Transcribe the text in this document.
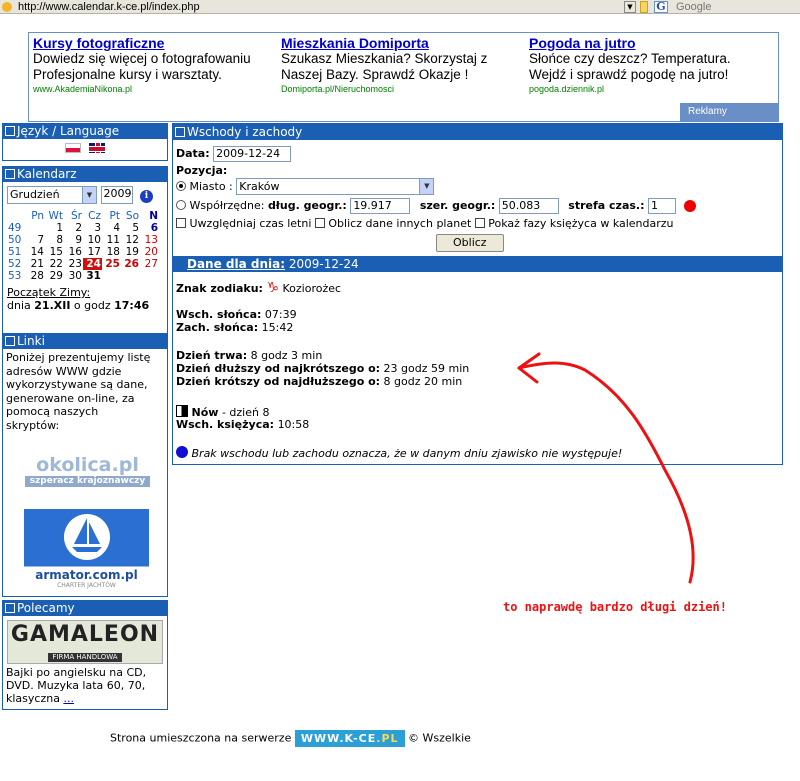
http://www.calendar.k-ce.pl/index.php	▼	G Google
Kursy fotograficzne
Dowiedz się więcej o fotografowaniu
Profesjonalne kursy i warsztaty.
www.AkademiaNikona.pl
Mieszkania Domiporta
Szukasz Mieszkania? Skorzystaj z
Naszej Bazy. Sprawdź Okazje !
Domiporta.pl/Nieruchomosci
Pogoda na jutro
Słońce czy deszcz? Temperatura.
Wejdź i sprawdź pogodę na jutro!
pogoda.dziennik.pl
Reklamy
Język / Language

Kalendarz
Grudzień	▼	2009 i
	Pn	Wt	Śr	Cz	Pt	So	N
49		1	2	3	4	5	6
50	7	8	9	10	11	12	13
51	14	15	16	17	18	19	20
52	21	22	23	24	25	26	27
53	28	29	30	31			
Początek Zimy:
dnia 21.XII o godz 17:46
Linki
Poniżej prezentujemy listę
adresów WWW gdzie
wykorzystywane są dane,
generowane on-line, za
pomocą naszych
skryptów:
okolica.pl
szperacz krajoznawczy
armator.com.pl
CHARTER JACHTÓW
Polecamy
GAMALEON
FIRMA HANDLOWA
Bajki po angielsku na CD,
DVD. Muzyka lata 60, 70,
klasyczna ...
Wschody i zachody
Data: 2009-12-24
Pozycja:
Miasto : Kraków	▼
Współrzędne: dług. geogr.: 19.917	szer. geogr.: 50.083	strefa czas.: 1
Uwzględniaj czas letni Oblicz dane innych planet Pokaż fazy księżyca w kalendarzu
Oblicz
Dane dla dnia: 2009-12-24
Znak zodiaku: ♑ Koziorożec
Wsch. słońca: 07:39
Zach. słońca: 15:42
Dzień trwa: 8 godz 3 min
Dzień dłuższy od najkrótszego o: 23 godz 59 min
Dzień krótszy od najdłuższego o: 8 godz 20 min
Nów - dzień 8
Wsch. księżyca: 10:58
Brak wschodu lub zachodu oznacza, że w danym dniu zjawisko nie występuje!
to naprawdę bardzo długi dzień!
Strona umieszczona na serwerze WWW.K-CE.PL © Wszelkie
